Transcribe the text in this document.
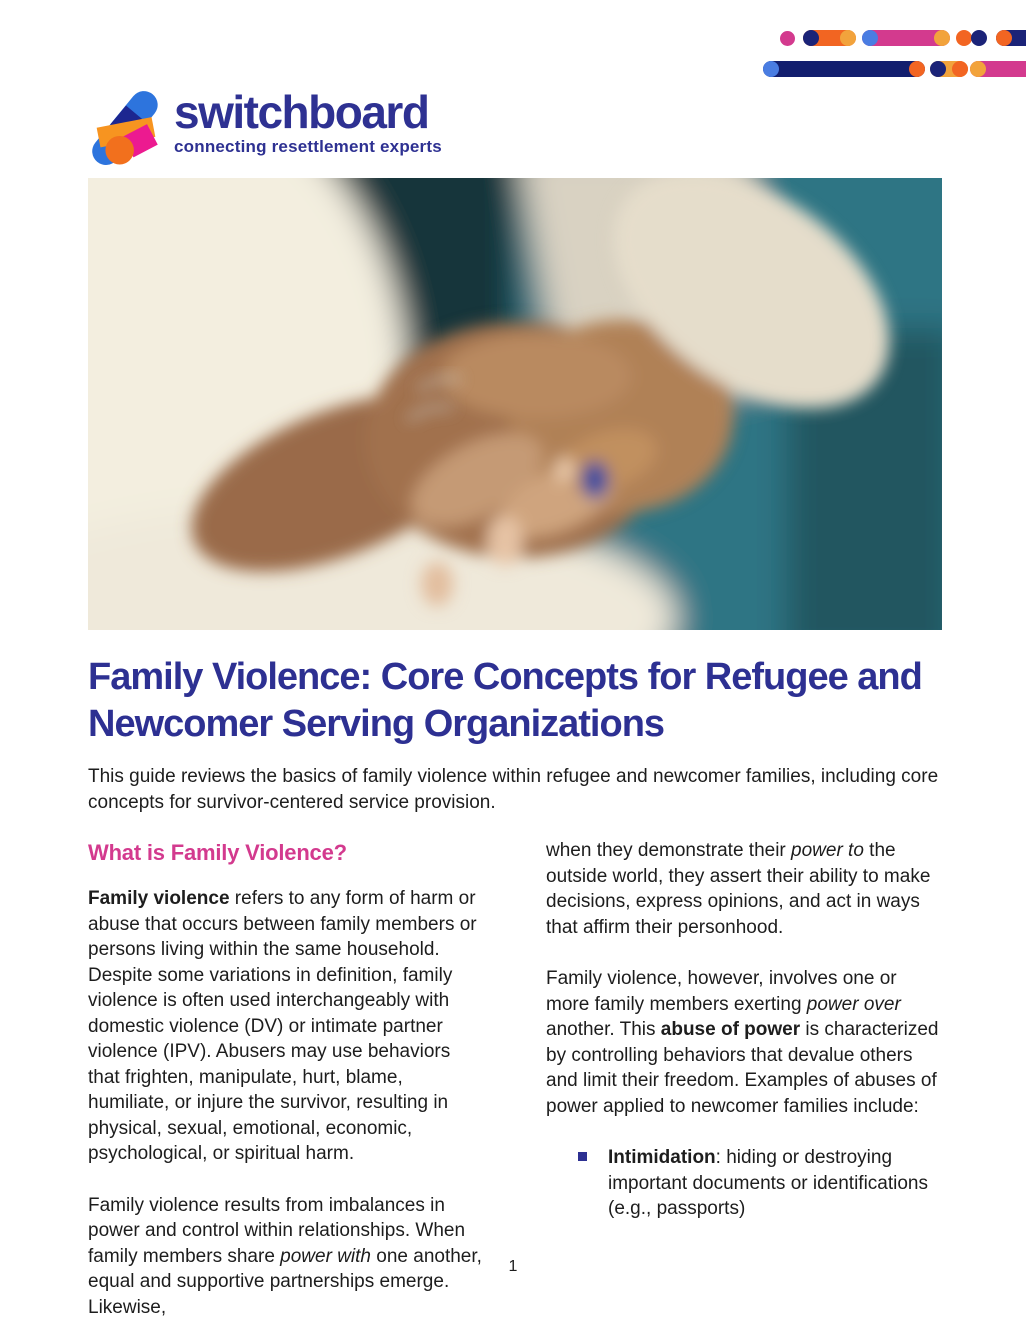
switchboard
connecting resettlement experts
Family Violence: Core Concepts for Refugee and Newcomer Serving Organizations

This guide reviews the basics of family violence within refugee and newcomer families, including core concepts for survivor-centered service provision.

What is Family Violence?

Family violence refers to any form of harm or abuse that occurs between family members or persons living within the same household. Despite some variations in definition, family violence is often used interchangeably with domestic violence (DV) or intimate partner violence (IPV). Abusers may use behaviors that frighten, manipulate, hurt, blame, humiliate, or injure the survivor, resulting in physical, sexual, emotional, economic, psychological, or spiritual harm.

Family violence results from imbalances in power and control within relationships. When family members share power with one another, equal and supportive partnerships emerge. Likewise,

when they demonstrate their power to the outside world, they assert their ability to make decisions, express opinions, and act in ways that affirm their personhood.

Family violence, however, involves one or more family members exerting power over another. This abuse of power is characterized by controlling behaviors that devalue others and limit their freedom. Examples of abuses of power applied to newcomer families include:

Intimidation: hiding or destroying important documents or identifications (e.g., passports)
1
